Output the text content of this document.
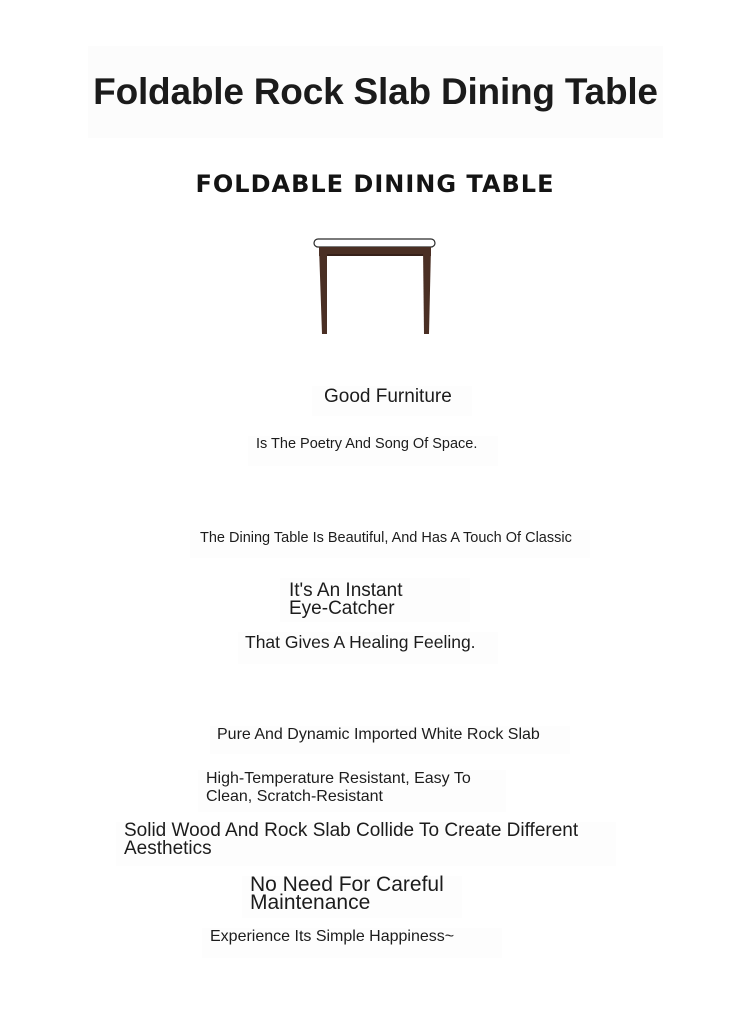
Foldable Rock Slab Dining Table
FOLDABLE DINING TABLE
Good Furniture
Is The Poetry And Song Of Space.
The Dining Table Is Beautiful, And Has A Touch Of Classic
It's An Instant
Eye-Catcher
That Gives A Healing Feeling.
Pure And Dynamic Imported White Rock Slab
High-Temperature Resistant, Easy To
Clean, Scratch-Resistant
Solid Wood And Rock Slab Collide To Create Different
Aesthetics
No Need For Careful
Maintenance
Experience Its Simple Happiness~
